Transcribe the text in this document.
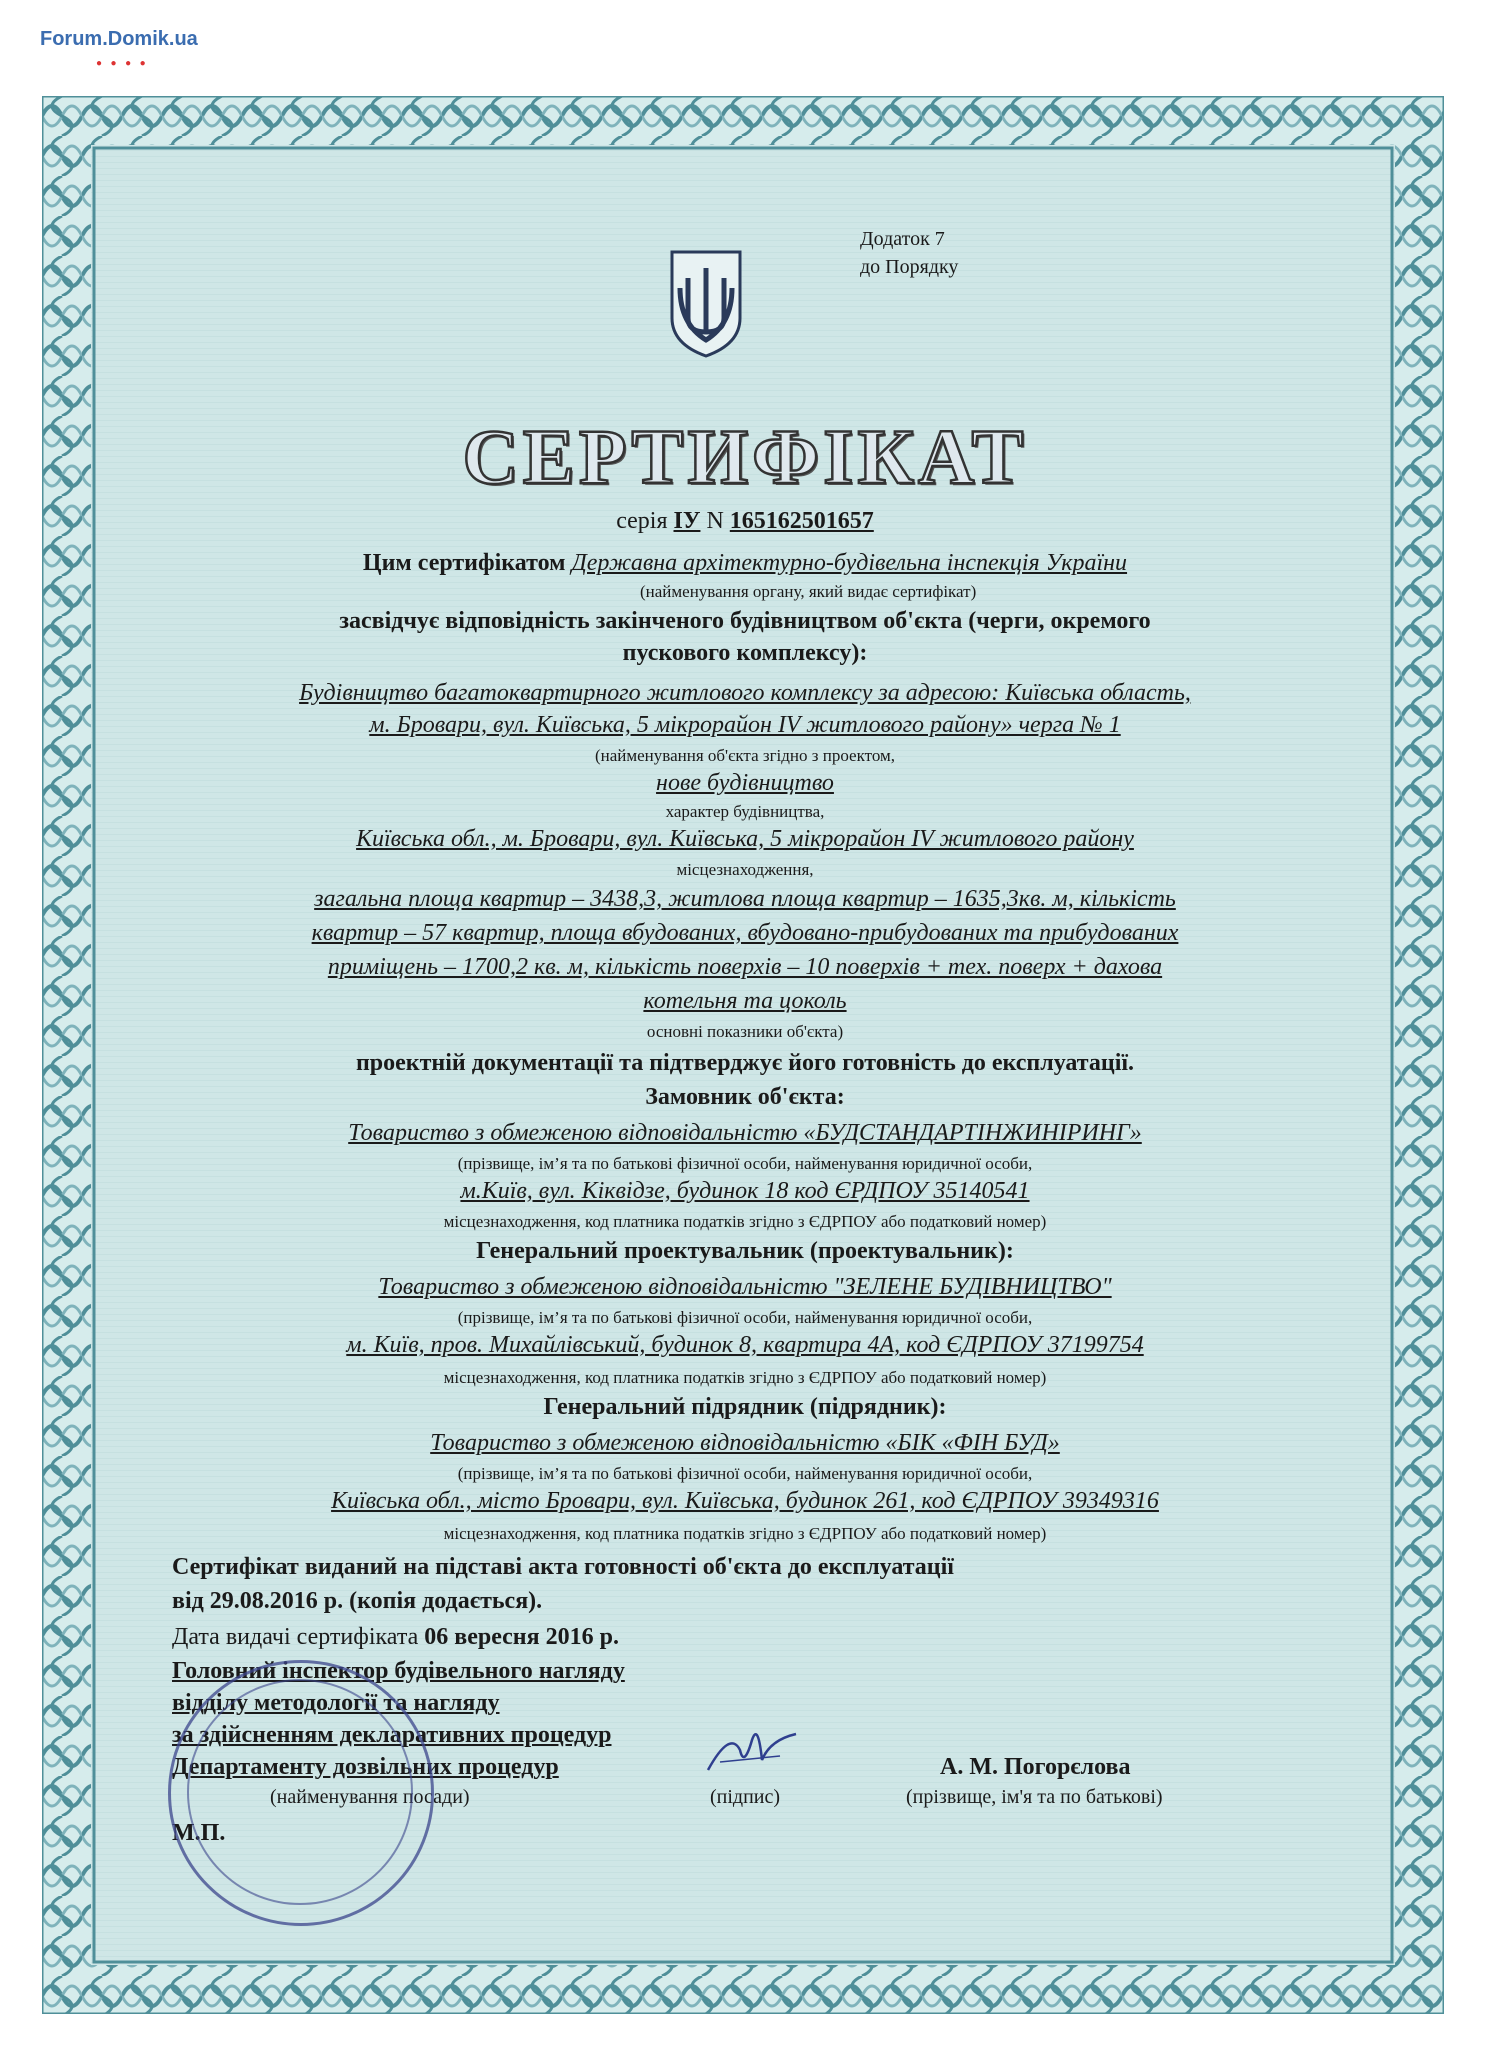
Forum.Domik.ua
● ● ● ●
Додаток 7
до Порядку
СЕРТИФІКАТ
серія ІУ N 165162501657
Цим сертифікатом Державна архітектурно-будівельна інспекція України
(найменування органу, який видає сертифікат)
засвідчує відповідність закінченого будівництвом об'єкта (черги, окремого
пускового комплексу):
Будівництво багатоквартирного житлового комплексу за адресою: Київська область,
м. Бровари, вул. Київська, 5 мікрорайон IV житлового району» черга № 1
(найменування об'єкта згідно з проектом,
нове будівництво
характер будівництва,
Київська обл., м. Бровари, вул. Київська, 5 мікрорайон IV житлового району
місцезнаходження,
загальна площа квартир – 3438,3, житлова площа квартир – 1635,3кв. м, кількість
квартир – 57 квартир, площа вбудованих, вбудовано-прибудованих та прибудованих
приміщень – 1700,2 кв. м, кількість поверхів – 10 поверхів + тех. поверх + дахова
котельня та цоколь
основні показники об'єкта)
проектній документації та підтверджує його готовність до експлуатації.
Замовник об'єкта:
Товариство з обмеженою відповідальністю «БУДСТАНДАРТІНЖИНІРИНГ»
(прізвище, ім’я та по батькові фізичної особи, найменування юридичної особи,
м.Київ, вул. Кіквідзе, будинок 18 код ЄРДПОУ 35140541
місцезнаходження, код платника податків згідно з ЄДРПОУ або податковий номер)
Генеральний проектувальник (проектувальник):
Товариство з обмеженою відповідальністю "ЗЕЛЕНЕ БУДІВНИЦТВО"
(прізвище, ім’я та по батькові фізичної особи, найменування юридичної особи,
м. Київ, пров. Михайлівський, будинок 8, квартира 4А, код ЄДРПОУ 37199754
місцезнаходження, код платника податків згідно з ЄДРПОУ або податковий номер)
Генеральний підрядник (підрядник):
Товариство з обмеженою відповідальністю «БІК «ФІН БУД»
(прізвище, ім’я та по батькові фізичної особи, найменування юридичної особи,
Київська обл., місто Бровари, вул. Київська, будинок 261, код ЄДРПОУ 39349316
місцезнаходження, код платника податків згідно з ЄДРПОУ або податковий номер)
Сертифікат виданий на підставі акта готовності об'єкта до експлуатації
від 29.08.2016 р. (копія додається).
Дата видачі сертифіката 06 вересня 2016 р.
Головний інспектор будівельного нагляду
відділу методології та нагляду
за здійсненням декларативних процедур
Департаменту дозвільних процедур
(найменування посади)	(підпис)	(прізвище, ім'я та по батькові)
А. М. Погорєлова
М.П.
